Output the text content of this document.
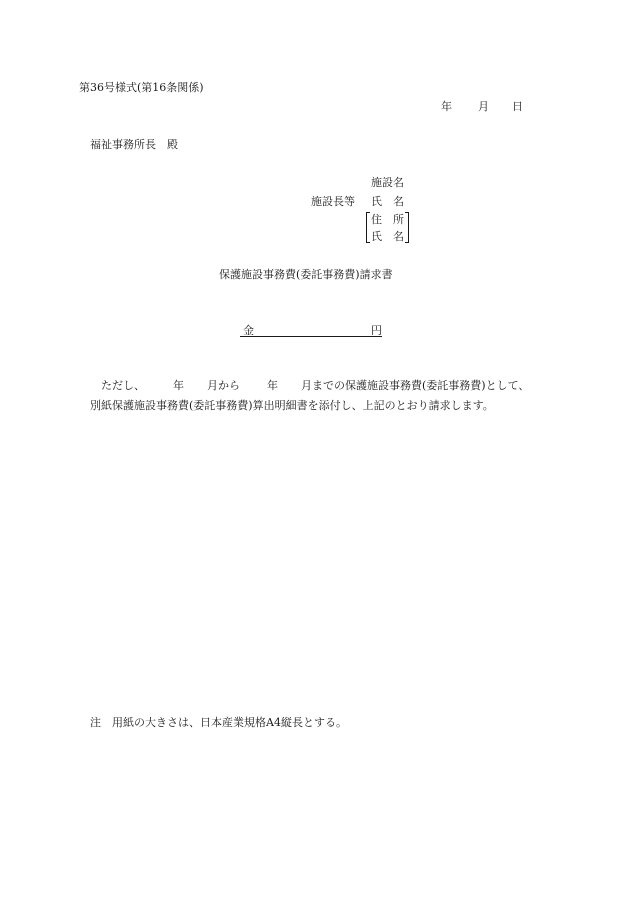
第36号様式(第16条関係)
年 月 日
福祉事務所長　殿
施設名
施設長等 氏　名
住　所
氏　名
保護施設事務費(委託事務費)請求書
金	円
ただし、	年 月から 年 月までの保護施設事務費(委託事務費)として、
別紙保護施設事務費(委託事務費)算出明細書を添付し、上記のとおり請求します。
注　用紙の大きさは、日本産業規格A4縦長とする。
